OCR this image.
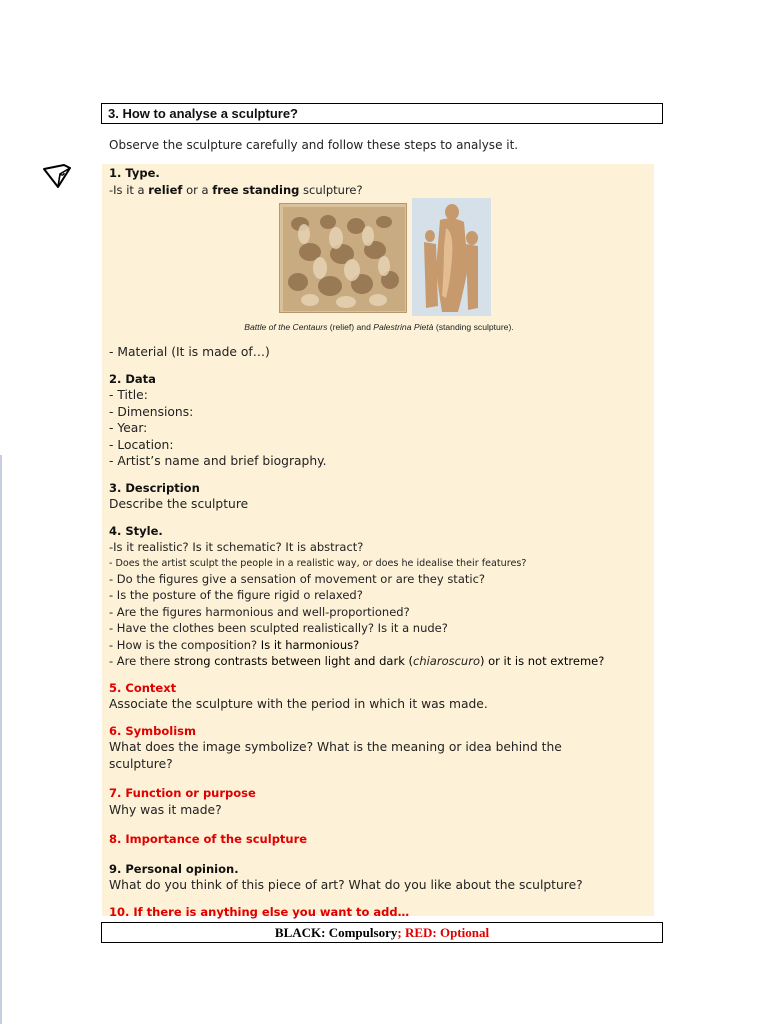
3. How to analyse a sculpture?
Observe the sculpture carefully and follow these steps to analyse it.
1. Type.
-Is it a relief or a free standing sculpture?
Battle of the Centaurs (relief) and Palestrina Pietà (standing sculpture).
- Material (It is made of…)
2. Data
- Title:
- Dimensions:
- Year:
- Location:
- Artist’s name and brief biography.
3. Description
Describe the sculpture
4. Style.
-Is it realistic? Is it schematic? It is abstract?
- Does the artist sculpt the people in a realistic way, or does he idealise their features?
- Do the figures give a sensation of movement or are they static?
- Is the posture of the figure rigid o relaxed?
- Are the figures harmonious and well-proportioned?
- Have the clothes been sculpted realistically? Is it a nude?
- How is the composition? Is it harmonious?
- Are there strong contrasts between light and dark (chiaroscuro) or it is not extreme?
5. Context
Associate the sculpture with the period in which it was made.
6. Symbolism
What does the image symbolize? What is the meaning or idea behind the sculpture?
7. Function or purpose
Why was it made?
8. Importance of the sculpture
9. Personal opinion.
What do you think of this piece of art? What do you like about the sculpture?
10. If there is anything else you want to add…
BLACK: Compulsory; RED: Optional
